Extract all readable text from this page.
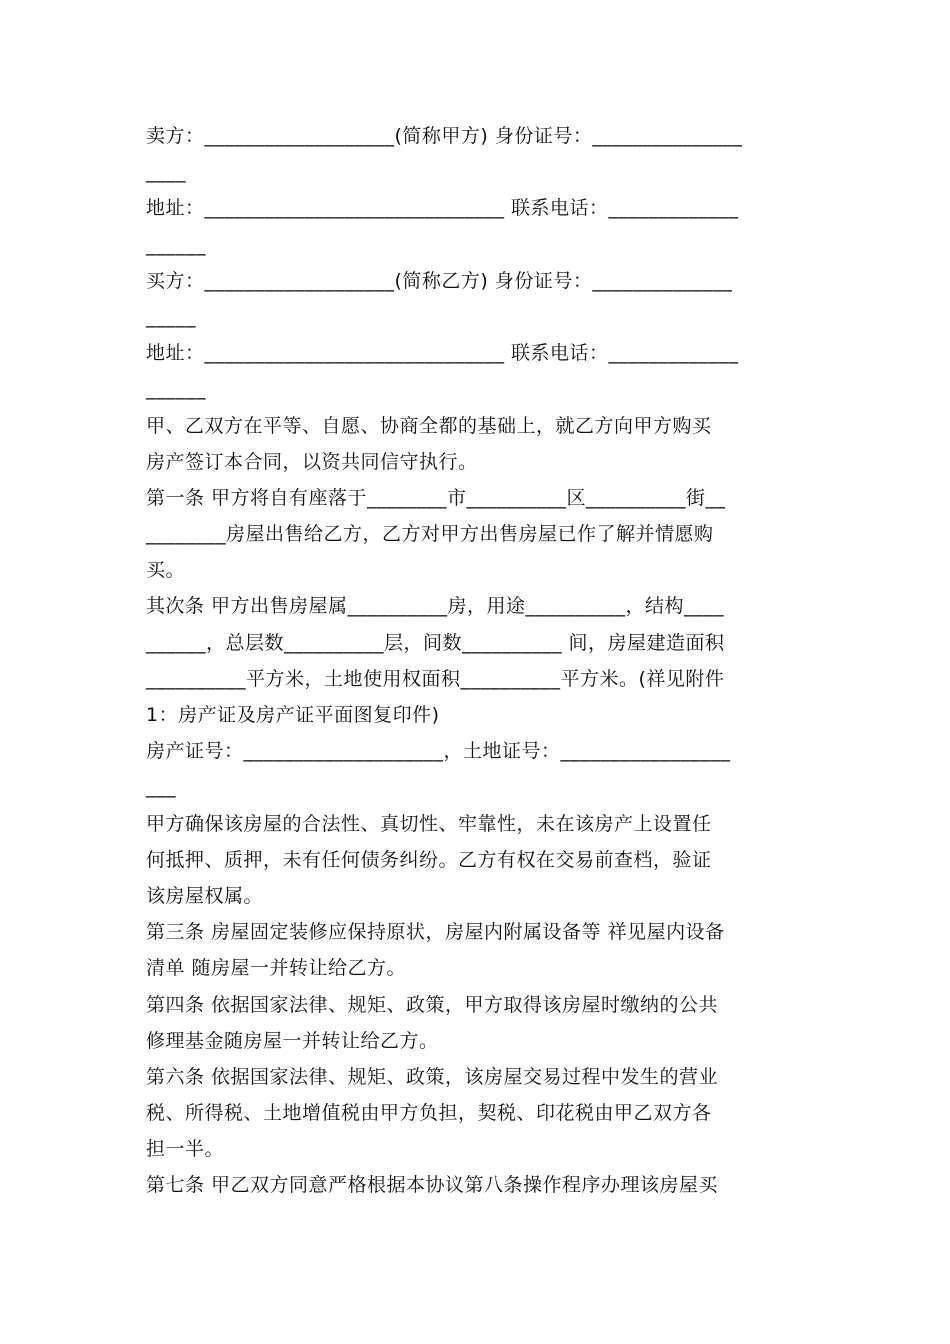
卖方：___________________(简称甲方) 身份证号：_______________
____
地址：______________________________ 联系电话：_____________
______
买方：___________________(简称乙方) 身份证号：______________
_____
地址：______________________________ 联系电话：_____________
______
甲、乙双方在平等、自愿、协商全都的基础上，就乙方向甲方购买
房产签订本合同，以资共同信守执行。
第一条 甲方将自有座落于________市__________区__________街__
________房屋出售给乙方，乙方对甲方出售房屋已作了解并情愿购
买。
其次条 甲方出售房屋属__________房，用途__________，结构____
______，总层数__________层，间数__________ 间，房屋建造面积
__________平方米，土地使用权面积__________平方米。(祥见附件
1：房产证及房产证平面图复印件)
房产证号：____________________，土地证号：_________________
___
甲方确保该房屋的合法性、真切性、牢靠性，未在该房产上设置任
何抵押、质押，未有任何债务纠纷。乙方有权在交易前查档，验证
该房屋权属。
第三条 房屋固定装修应保持原状，房屋内附属设备等 祥见屋内设备
清单 随房屋一并转让给乙方。
第四条 依据国家法律、规矩、政策，甲方取得该房屋时缴纳的公共
修理基金随房屋一并转让给乙方。
第六条 依据国家法律、规矩、政策，该房屋交易过程中发生的营业
税、所得税、土地增值税由甲方负担，契税、印花税由甲乙双方各
担一半。
第七条 甲乙双方同意严格根据本协议第八条操作程序办理该房屋买
